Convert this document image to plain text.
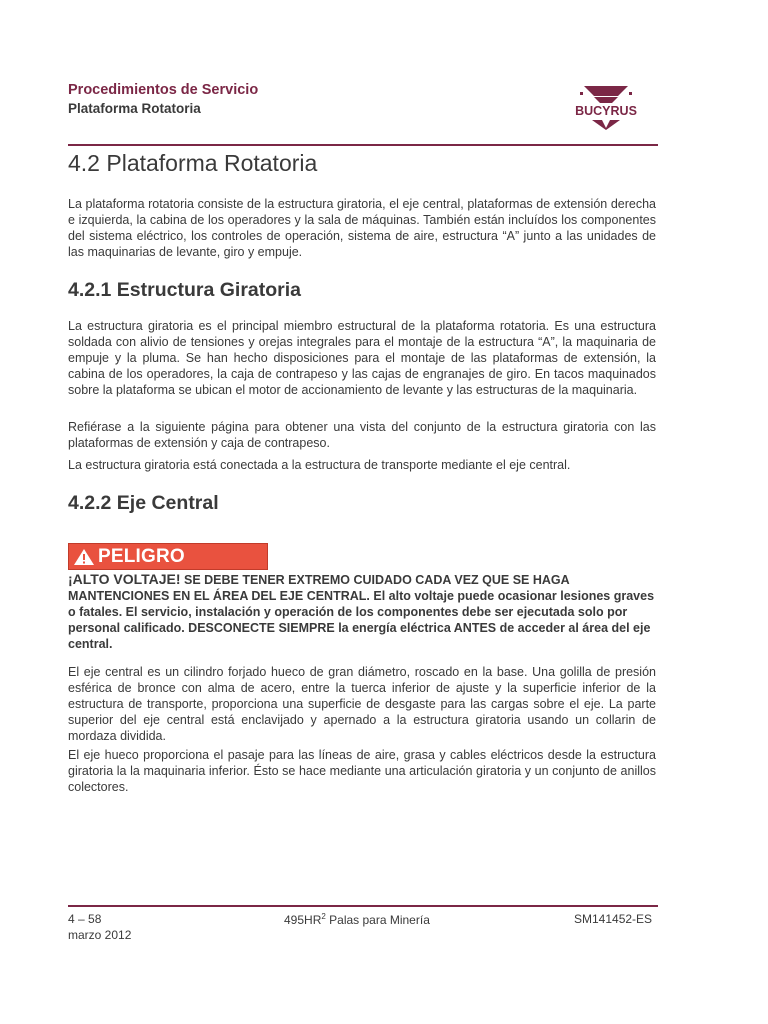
Procedimientos de Servicio
Plataforma Rotatoria	BUCYRUS
4.2 Plataforma Rotatoria

La plataforma rotatoria consiste de la estructura giratoria, el eje central, plataformas de extensión derecha e izquierda, la cabina de los operadores y la sala de máquinas. También están incluídos los componentes del sistema eléctrico, los controles de operación, sistema de aire, estructura “A” junto a las unidades de las maquinarias de levante, giro y empuje.

4.2.1 Estructura Giratoria

La estructura giratoria es el principal miembro estructural de la plataforma rotatoria. Es una estructura soldada con alivio de tensiones y orejas integrales para el montaje de la estructura “A”, la maquinaria de empuje y la pluma. Se han hecho disposiciones para el montaje de las plataformas de extensión, la cabina de los operadores, la caja de contrapeso y las cajas de engranajes de giro. En tacos maquinados sobre la plataforma se ubican el motor de accionamiento de levante y las estructuras de la maquinaria.

Refiérase a la siguiente página para obtener una vista del conjunto de la estructura giratoria con las plataformas de extensión y caja de contrapeso.

La estructura giratoria está conectada a la estructura de transporte mediante el eje central.

4.2.2 Eje Central
PELIGRO

¡ALTO VOLTAJE! SE DEBE TENER EXTREMO CUIDADO CADA VEZ QUE SE HAGA MANTENCIONES EN EL ÁREA DEL EJE CENTRAL. El alto voltaje puede ocasionar lesiones graves o fatales. El servicio, instalación y operación de los componentes debe ser ejecutada solo por personal calificado. DESCONECTE SIEMPRE la energía eléctrica ANTES de acceder al área del eje central.

El eje central es un cilindro forjado hueco de gran diámetro, roscado en la base. Una golilla de presión esférica de bronce con alma de acero, entre la tuerca inferior de ajuste y la superficie inferior de la estructura de transporte, proporciona una superficie de desgaste para las cargas sobre el eje. La parte superior del eje central está enclavijado y apernado a la estructura giratoria usando un collarin de mordaza dividida.

El eje hueco proporciona el pasaje para las líneas de aire, grasa y cables eléctricos desde la estructura giratoria la la maquinaria inferior. Ésto se hace mediante una articulación giratoria y un conjunto de anillos colectores.

4 – 58
marzo 2012
$495HR^2$ Palas para Minería	SM141452-ES
